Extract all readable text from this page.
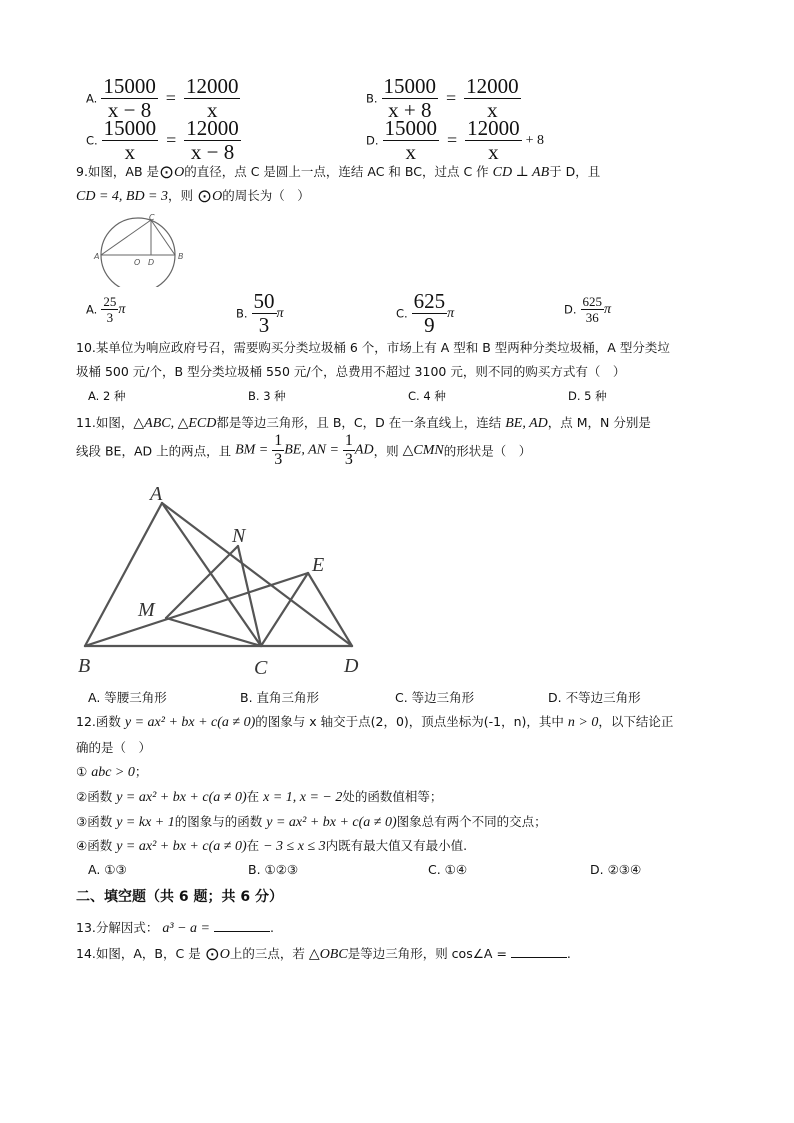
A. $\frac{15000}{x - 8} = \frac{12000}{x}$	B. $\frac{15000}{x + 8} = \frac{12000}{x}$
C. $\frac{15000}{x} = \frac{12000}{x - 8}$	D. $\frac{15000}{x} = \frac{12000}{x} + 8$
9.如图，AB 是⊙O的直径，点 C 是圆上一点，连结 AC 和 BC，过点 C 作 CD ⊥ AB于 D，且
CD = 4, BD = 3，则 ⊙O的周长为（　）
A	B
C
O D
A. $\frac{25}{3}$ π	B. $\frac{50}{3}$ π	C. $\frac{625}{9}$ π	D. $\frac{625}{36}$ π
10.某单位为响应政府号召，需要购买分类垃圾桶 6 个，市场上有 A 型和 B 型两种分类垃圾桶，A 型分类垃
圾桶 500 元/个，B 型分类垃圾桶 550 元/个，总费用不超过 3100 元，则不同的购买方式有（　）
A. 2 种	B. 3 种	C. 4 种	D. 5 种
11.如图，△ABC, △ECD都是等边三角形，且 B，C，D 在一条直线上，连结 BE, AD，点 M，N 分别是
线段 BE，AD 上的两点，且 BM = $\frac{1}{3}$ BE, AN = $\frac{1}{3}$ AD，则 △CMN的形状是（　）
A
B	C	D
E
M
N
A. 等腰三角形	B. 直角三角形	C. 等边三角形	D. 不等边三角形
12.函数 y = ax² + bx + c(a ≠ 0)的图象与 x 轴交于点(2，0)，顶点坐标为(-1，n)，其中 n > 0，以下结论正
确的是（　）
① abc > 0；
②函数 y = ax² + bx + c(a ≠ 0)在 x = 1, x = − 2处的函数值相等；
③函数 y = kx + 1的图象与的函数 y = ax² + bx + c(a ≠ 0)图象总有两个不同的交点；
④函数 y = ax² + bx + c(a ≠ 0)在 − 3 ≤ x ≤ 3内既有最大值又有最小值.
A. ①③	B. ①②③	C. ①④	D. ②③④
二、填空题（共 6 题；共 6 分）
13.分解因式： a³ − a =	.
14.如图，A，B，C 是 ⊙O上的三点，若 △OBC是等边三角形，则 cos∠A =	.
